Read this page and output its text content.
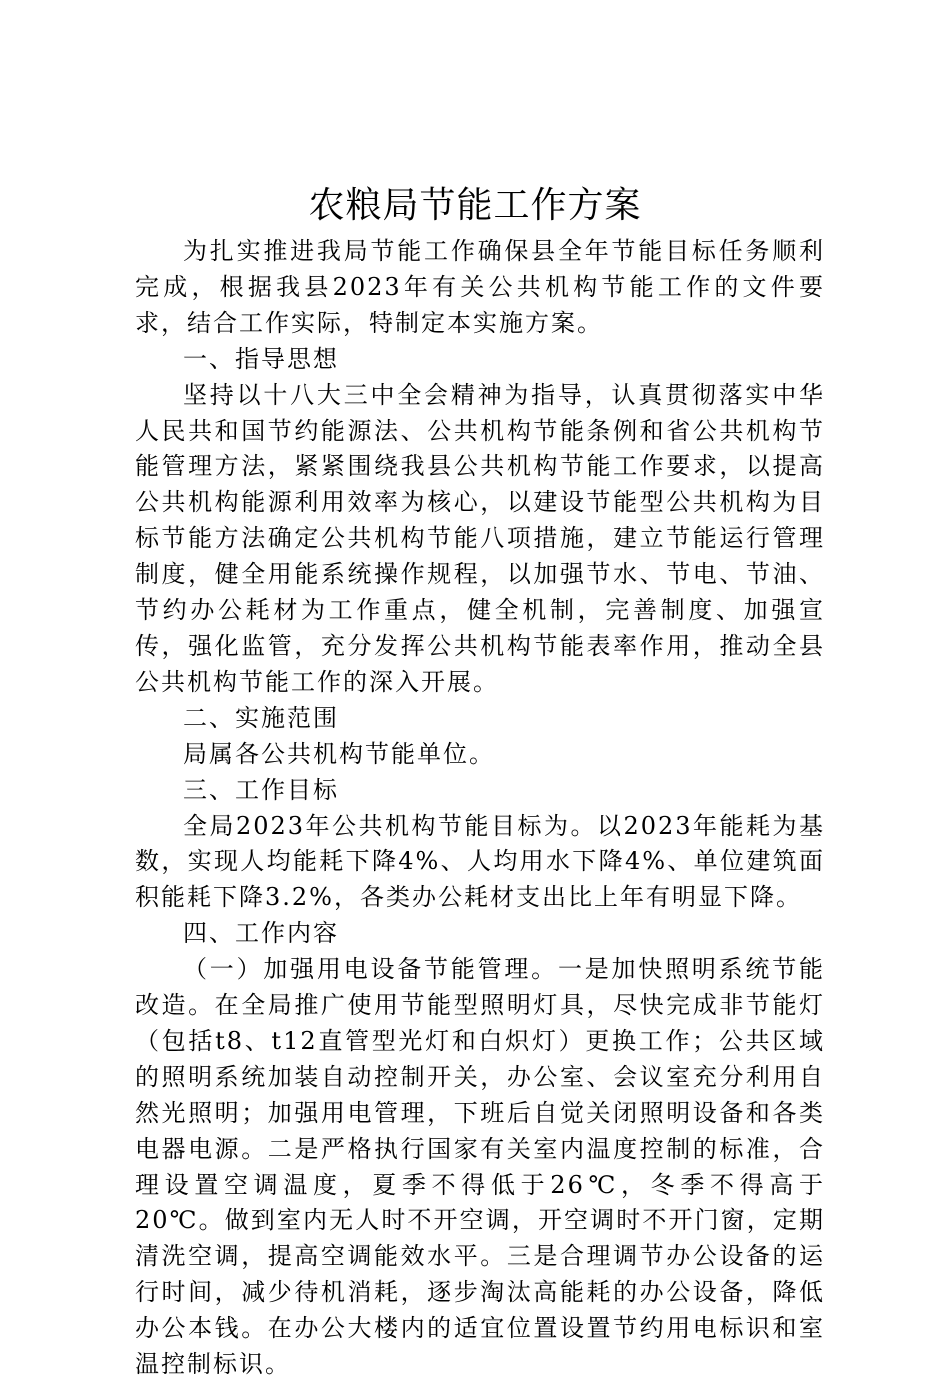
农粮局节能工作方案

为扎实推进我局节能工作确保县全年节能目标任务顺利完成，根据我县2023年有关公共机构节能工作的文件要求，结合工作实际，特制定本实施方案。

一、指导思想

坚持以十八大三中全会精神为指导，认真贯彻落实中华人民共和国节约能源法、公共机构节能条例和省公共机构节能管理方法，紧紧围绕我县公共机构节能工作要求，以提高公共机构能源利用效率为核心，以建设节能型公共机构为目标节能方法确定公共机构节能八项措施，建立节能运行管理制度，健全用能系统操作规程，以加强节水、节电、节油、节约办公耗材为工作重点，健全机制，完善制度、加强宣传，强化监管，充分发挥公共机构节能表率作用，推动全县公共机构节能工作的深入开展。

二、实施范围

局属各公共机构节能单位。

三、工作目标

全局2023年公共机构节能目标为。以2023年能耗为基数，实现人均能耗下降4%、人均用水下降4%、单位建筑面积能耗下降3.2%，各类办公耗材支出比上年有明显下降。

四、工作内容

（一）加强用电设备节能管理。一是加快照明系统节能改造。在全局推广使用节能型照明灯具，尽快完成非节能灯（包括t8、t12直管型光灯和白炽灯）更换工作；公共区域的照明系统加装自动控制开关，办公室、会议室充分利用自然光照明；加强用电管理，下班后自觉关闭照明设备和各类电器电源。二是严格执行国家有关室内温度控制的标准，合理设置空调温度，夏季不得低于26℃，冬季不得高于20℃。做到室内无人时不开空调，开空调时不开门窗，定期清洗空调，提高空调能效水平。三是合理调节办公设备的运行时间，减少待机消耗，逐步淘汰高能耗的办公设备，降低办公本钱。在办公大楼内的适宜位置设置节约用电标识和室温控制标识。
